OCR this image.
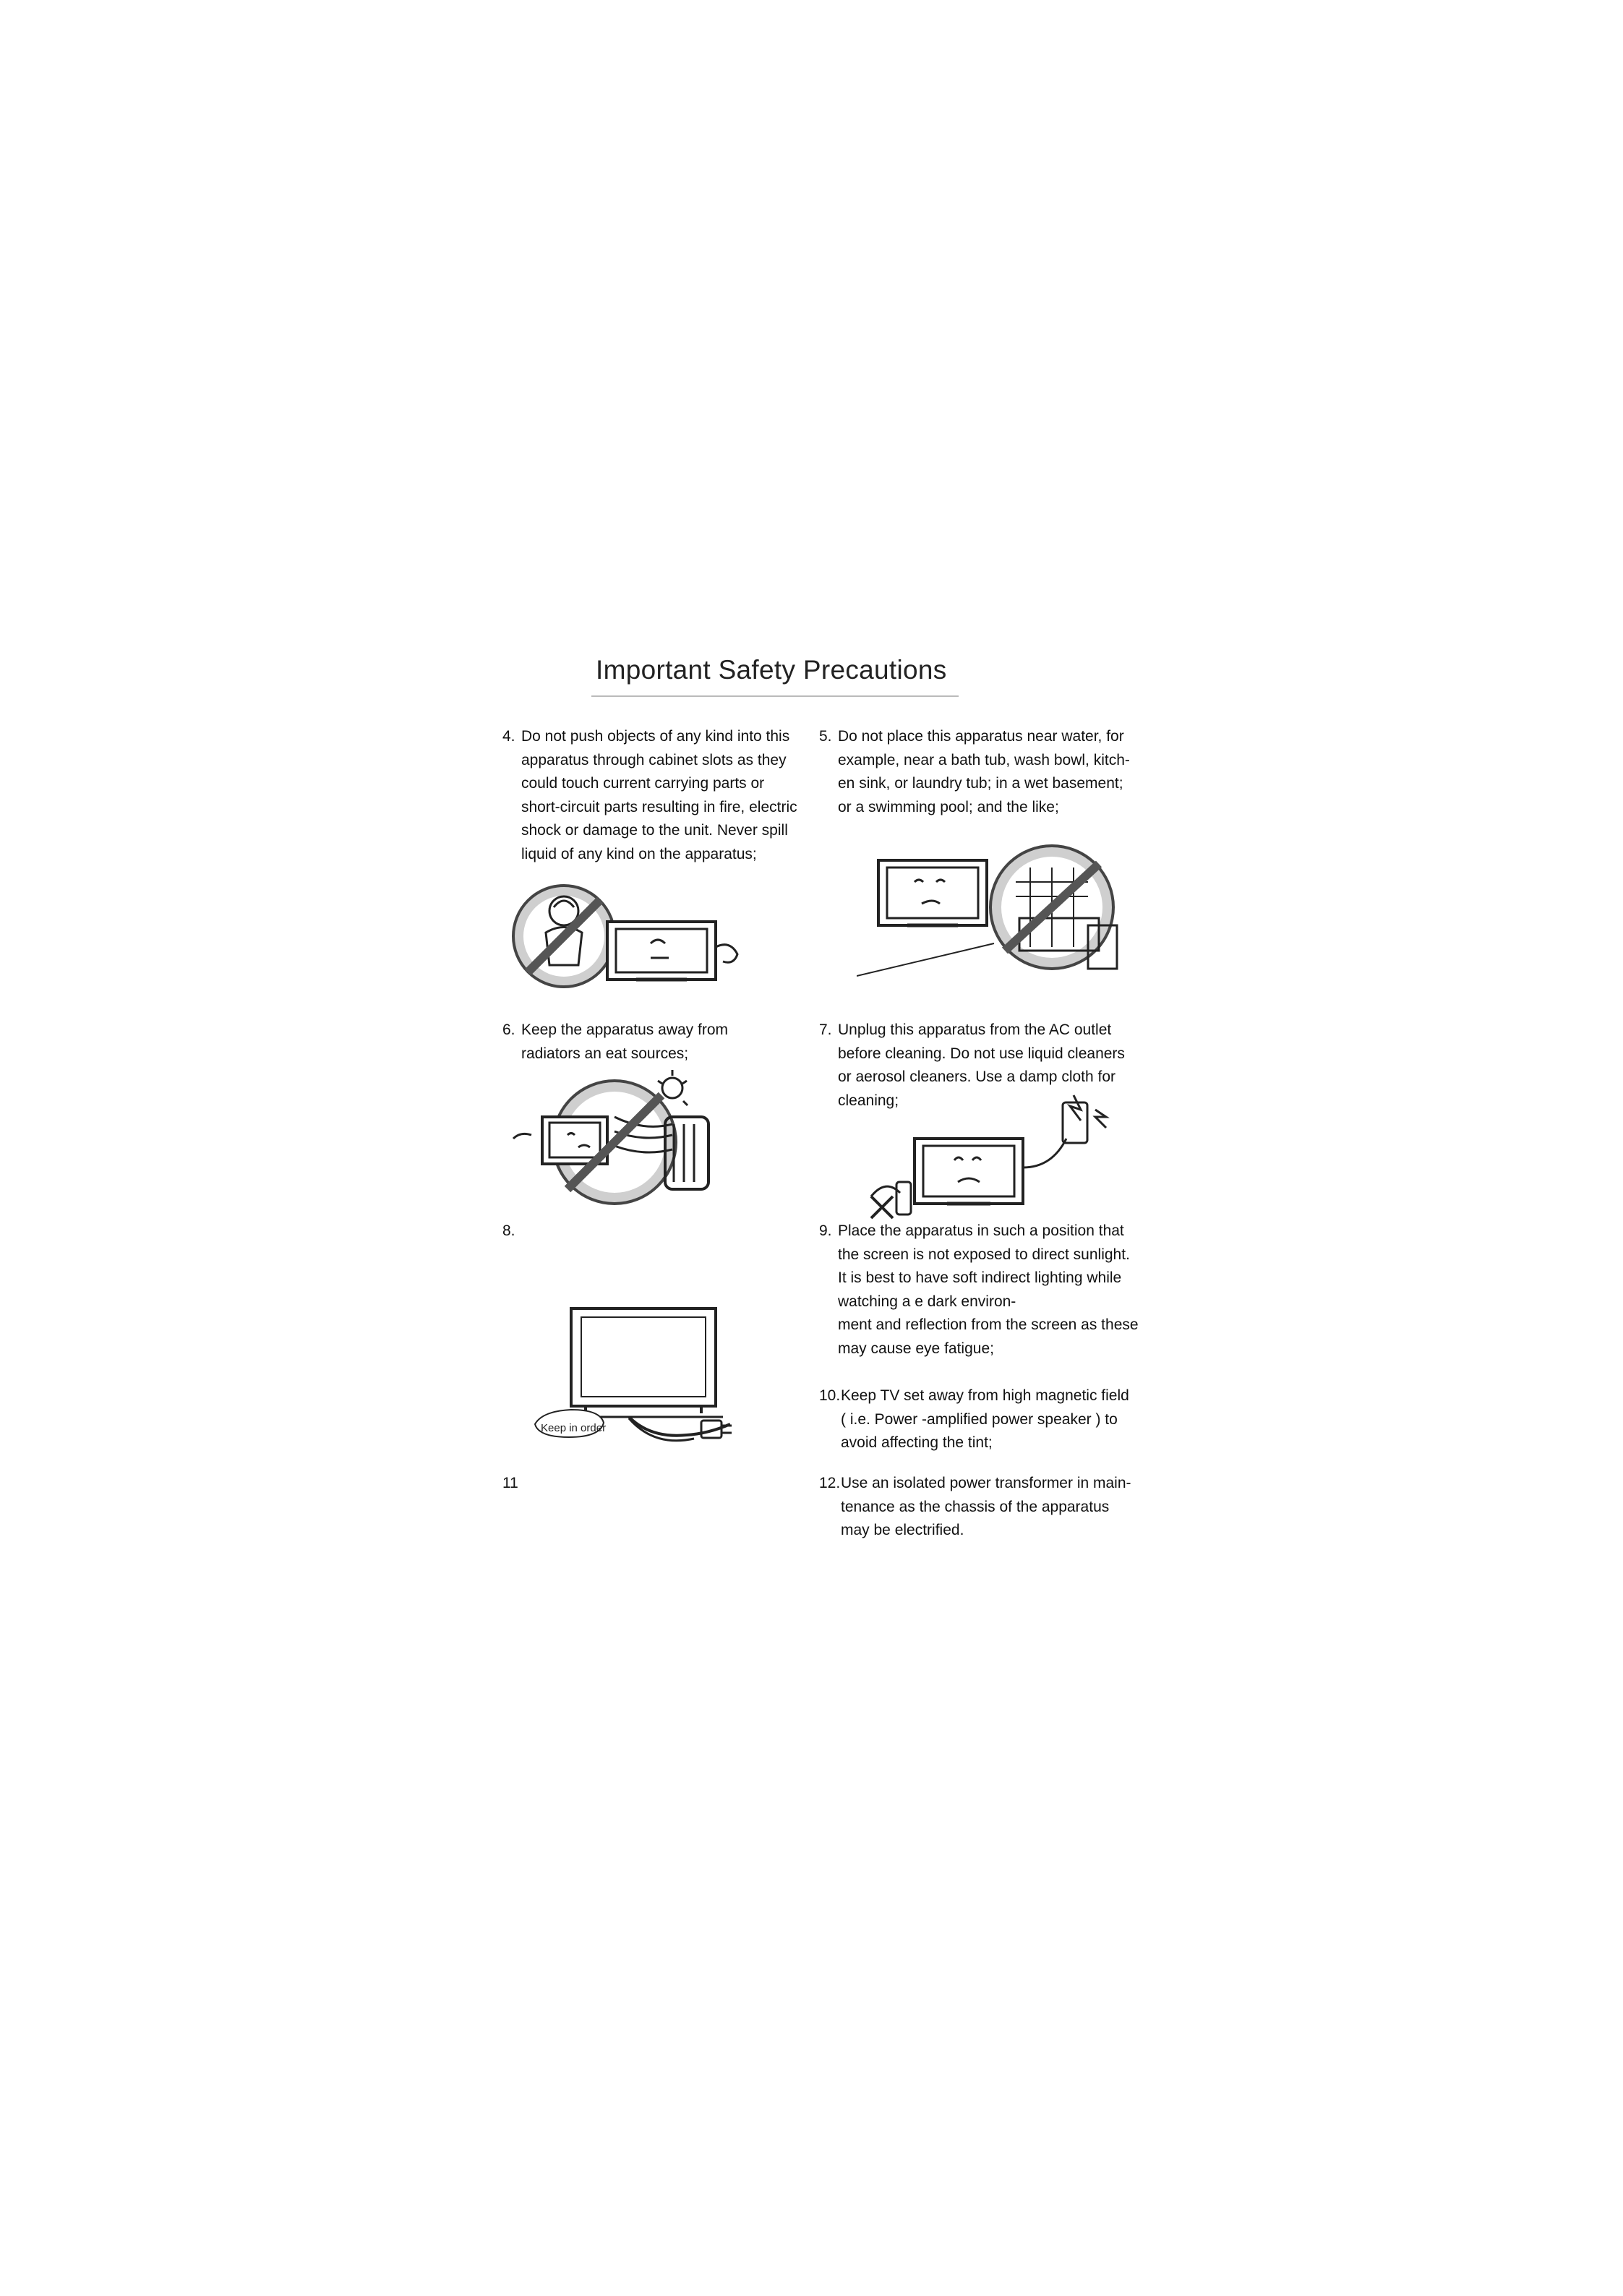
Important Safety Precautions
4. Do not push objects of any kind into this
apparatus through cabinet slots as they
could touch current carrying parts or
short-circuit parts resulting in fire, electric
shock or damage to the unit. Never spill
liquid of any kind on the apparatus;
5. Do not place this apparatus near water, for
example, near a bath tub, wash bowl, kitch-
en sink, or laundry tub; in a wet basement;
or a swimming pool; and the like;
6. Keep the apparatus away from
radiators an eat sources;
7. Unplug this apparatus from the AC outlet
before cleaning. Do not use liquid cleaners
or aerosol cleaners. Use a damp cloth for
cleaning;
8.	9. Place the apparatus in such a position that
the screen is not exposed to direct sunlight.
It is best to have soft indirect lighting while
watching a e dark environ-
ment and reflection from the screen as these
may cause eye fatigue;
Keep in order
10. Keep TV set away from high magnetic field
( i.e. Power -amplified power speaker ) to
avoid affecting the tint;
11	12. Use an isolated power transformer in main-
tenance as the chassis of the apparatus
may be electrified.
